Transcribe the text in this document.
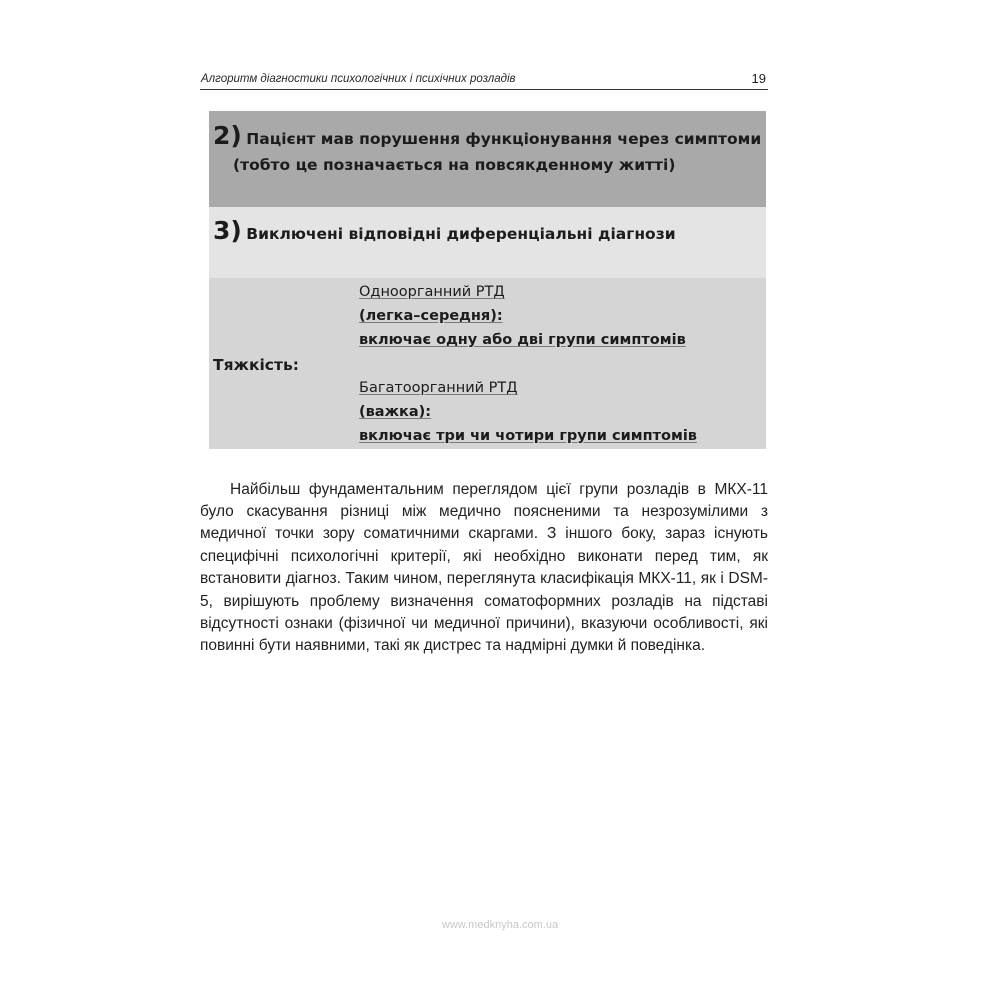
Алгоритм діагностики психологічних і психічних розладів	19
2) Пацієнт мав порушення функціонування через симптоми
(тобто це позначається на повсякденному житті)
3) Виключені відповідні диференціальні діагнози
Тяжкість:
Одноорганний РТД
(легка–середня):
включає одну або дві групи симптомів
Багатоорганний РТД
(важка):
включає три чи чотири групи симптомів

Найбільш фундаментальним переглядом цієї групи розладів в МКХ-11 було скасування різниці між медично поясненими та незрозумілими з медичної точки зору соматичними скаргами. З іншого боку, зараз існують специфічні психологічні критерії, які необхідно виконати перед тим, як встановити діагноз. Таким чином, переглянута класифікація МКХ-11, як і DSM-5, вирішують проблему визначення соматоформних розладів на підставі відсутності ознаки (фізичної чи медичної причини), вказуючи особливості, які повинні бути наявними, такі як дистрес та надмірні думки й поведінка.

www.medknyha.com.ua
